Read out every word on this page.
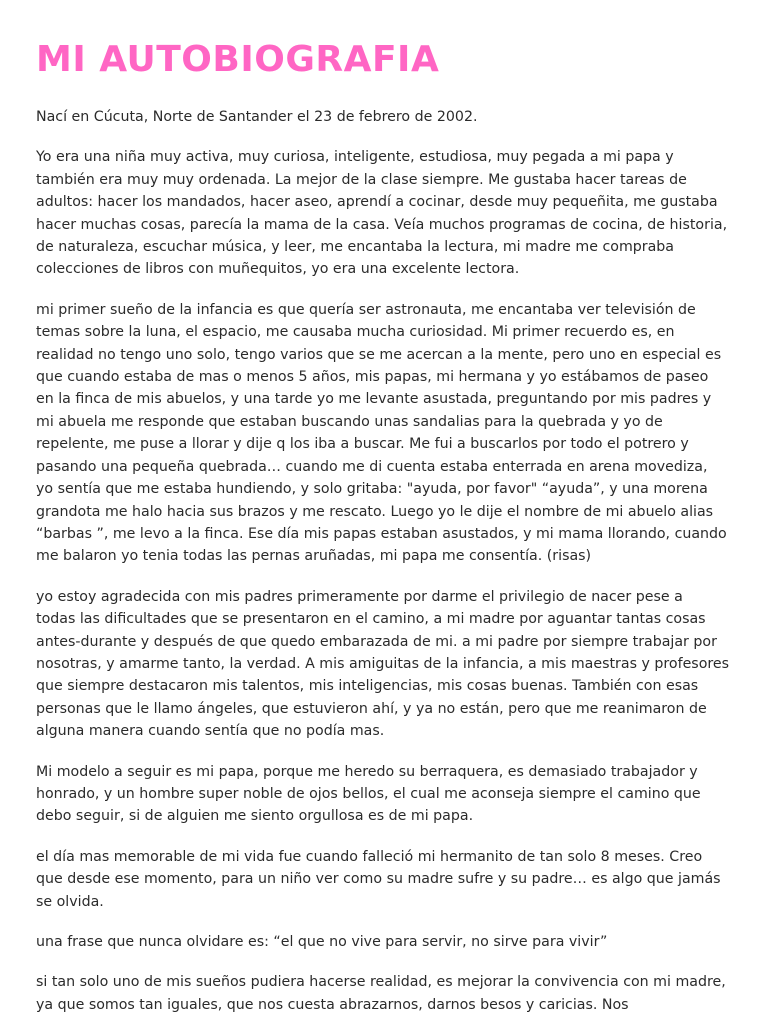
MI AUTOBIOGRAFIA

Nací en Cúcuta, Norte de Santander el 23 de febrero de 2002.

Yo era una niña muy activa, muy curiosa, inteligente, estudiosa, muy pegada a mi papa y
también era muy muy ordenada. La mejor de la clase siempre. Me gustaba hacer tareas de
adultos: hacer los mandados, hacer aseo, aprendí a cocinar, desde muy pequeñita, me gustaba
hacer muchas cosas, parecía la mama de la casa. Veía muchos programas de cocina, de historia,
de naturaleza, escuchar música, y leer, me encantaba la lectura, mi madre me compraba
colecciones de libros con muñequitos, yo era una excelente lectora.

mi primer sueño de la infancia es que quería ser astronauta, me encantaba ver televisión de
temas sobre la luna, el espacio, me causaba mucha curiosidad. Mi primer recuerdo es, en
realidad no tengo uno solo, tengo varios que se me acercan a la mente, pero uno en especial es
que cuando estaba de mas o menos 5 años, mis papas, mi hermana y yo estábamos de paseo
en la finca de mis abuelos, y una tarde yo me levante asustada, preguntando por mis padres y
mi abuela me responde que estaban buscando unas sandalias para la quebrada y yo de
repelente, me puse a llorar y dije q los iba a buscar. Me fui a buscarlos por todo el potrero y
pasando una pequeña quebrada… cuando me di cuenta estaba enterrada en arena movediza,
yo sentía que me estaba hundiendo, y solo gritaba: "ayuda, por favor" “ayuda”, y una morena
grandota me halo hacia sus brazos y me rescato. Luego yo le dije el nombre de mi abuelo alias
“barbas ”, me levo a la finca. Ese día mis papas estaban asustados, y mi mama llorando, cuando
me balaron yo tenia todas las pernas aruñadas, mi papa me consentía. (risas)

yo estoy agradecida con mis padres primeramente por darme el privilegio de nacer pese a
todas las dificultades que se presentaron en el camino, a mi madre por aguantar tantas cosas
antes-durante y después de que quedo embarazada de mi. a mi padre por siempre trabajar por
nosotras, y amarme tanto, la verdad. A mis amiguitas de la infancia, a mis maestras y profesores
que siempre destacaron mis talentos, mis inteligencias, mis cosas buenas. También con esas
personas que le llamo ángeles, que estuvieron ahí, y ya no están, pero que me reanimaron de
alguna manera cuando sentía que no podía mas.

Mi modelo a seguir es mi papa, porque me heredo su berraquera, es demasiado trabajador y
honrado, y un hombre super noble de ojos bellos, el cual me aconseja siempre el camino que
debo seguir, si de alguien me siento orgullosa es de mi papa.

el día mas memorable de mi vida fue cuando falleció mi hermanito de tan solo 8 meses. Creo
que desde ese momento, para un niño ver como su madre sufre y su padre… es algo que jamás
se olvida.

una frase que nunca olvidare es: “el que no vive para servir, no sirve para vivir”

si tan solo uno de mis sueños pudiera hacerse realidad, es mejorar la convivencia con mi madre,
ya que somos tan iguales, que nos cuesta abrazarnos, darnos besos y caricias. Nos
